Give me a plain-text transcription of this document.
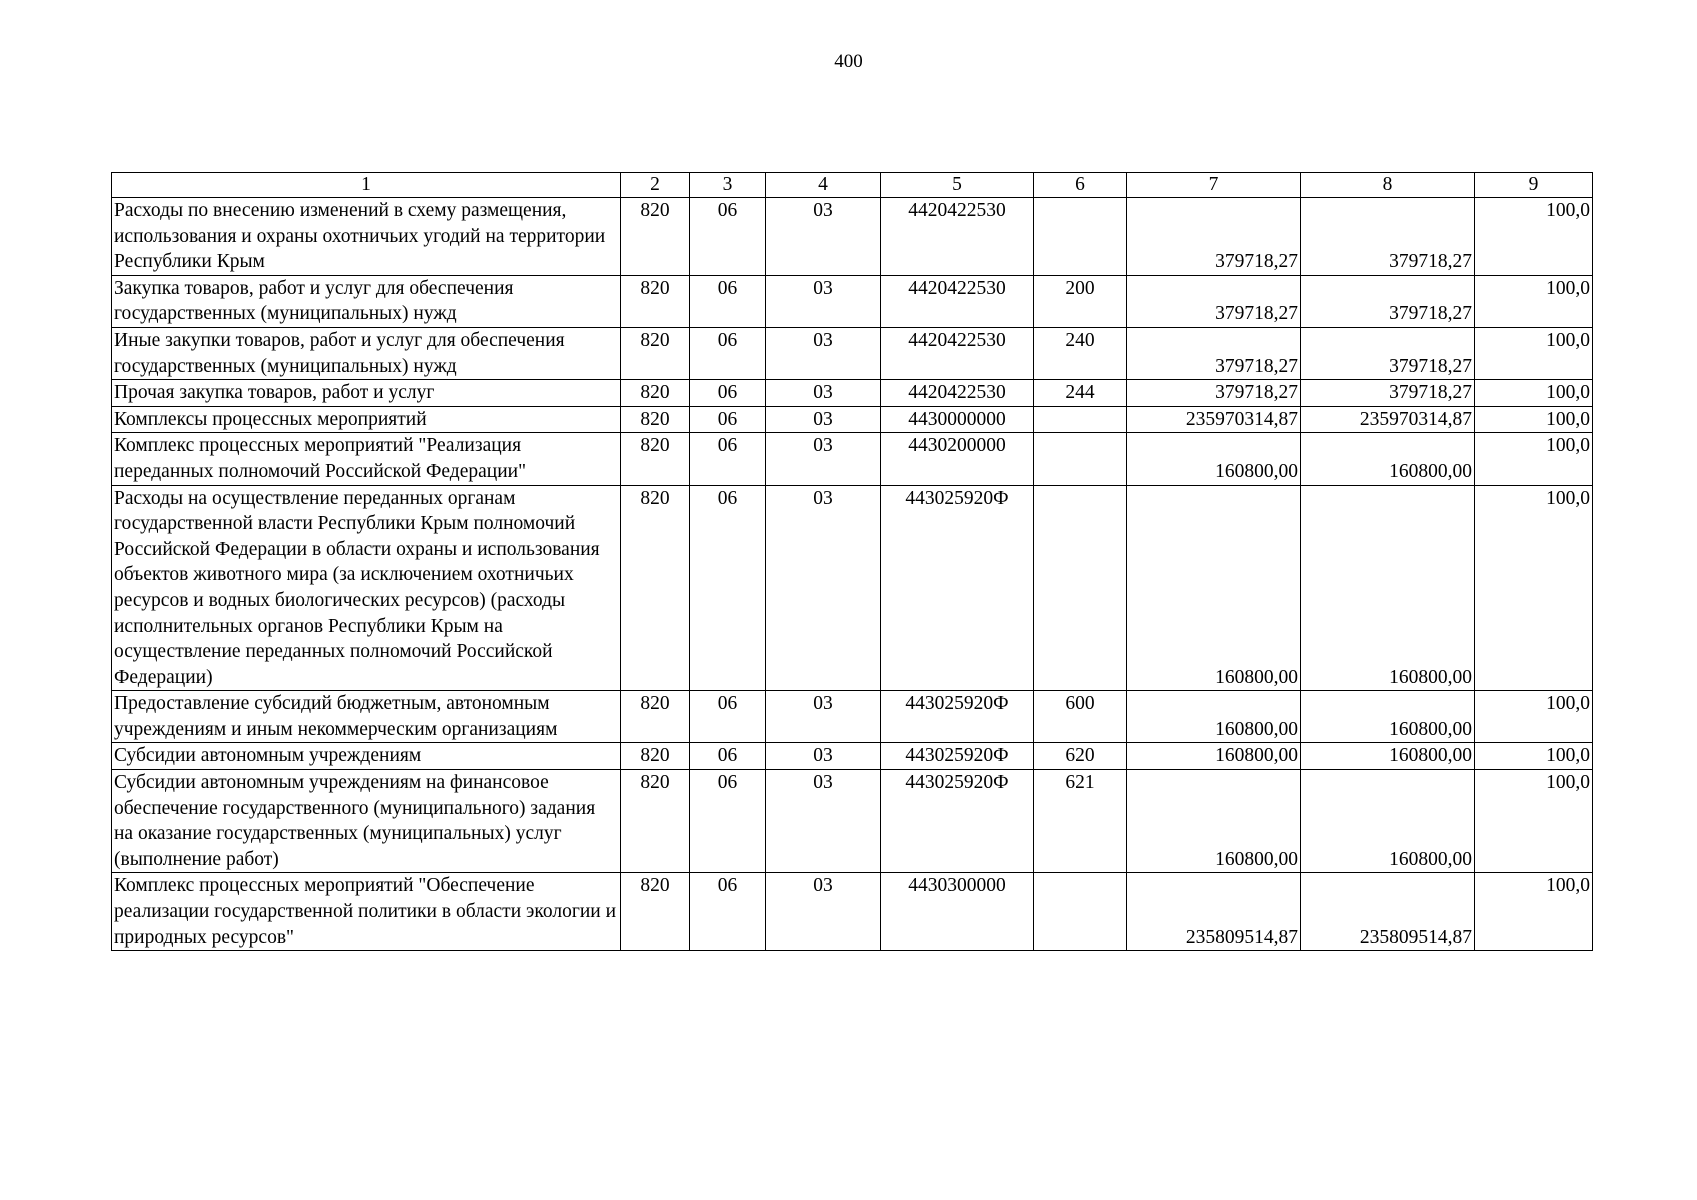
400
1	2	3	4	5	6	7	8	9
Расходы по внесению изменений в схему размещения, использования и охраны охотничьих угодий на территории Республики Крым	820	06	03	4420422530		379718,27	379718,27	100,0
Закупка товаров, работ и услуг для обеспечения государственных (муниципальных) нужд	820	06	03	4420422530	200	379718,27	379718,27	100,0
Иные закупки товаров, работ и услуг для обеспечения государственных (муниципальных) нужд	820	06	03	4420422530	240	379718,27	379718,27	100,0
Прочая закупка товаров, работ и услуг	820	06	03	4420422530	244	379718,27	379718,27	100,0
Комплексы процессных мероприятий	820	06	03	4430000000		235970314,87	235970314,87	100,0
Комплекс процессных мероприятий "Реализация переданных полномочий Российской Федерации"	820	06	03	4430200000		160800,00	160800,00	100,0
Расходы на осуществление переданных органам государственной власти Республики Крым полномочий Российской Федерации в области охраны и использования объектов животного мира (за исключением охотничьих ресурсов и водных биологических ресурсов) (расходы исполнительных органов Республики Крым на осуществление переданных полномочий Российской Федерации)	820	06	03	443025920Ф		160800,00	160800,00	100,0
Предоставление субсидий бюджетным, автономным учреждениям и иным некоммерческим организациям	820	06	03	443025920Ф	600	160800,00	160800,00	100,0
Субсидии автономным учреждениям	820	06	03	443025920Ф	620	160800,00	160800,00	100,0
Субсидии автономным учреждениям на финансовое обеспечение государственного (муниципального) задания на оказание государственных (муниципальных) услуг (выполнение работ)	820	06	03	443025920Ф	621	160800,00	160800,00	100,0
Комплекс процессных мероприятий "Обеспечение реализации государственной политики в области экологии и природных ресурсов"	820	06	03	4430300000		235809514,87	235809514,87	100,0
